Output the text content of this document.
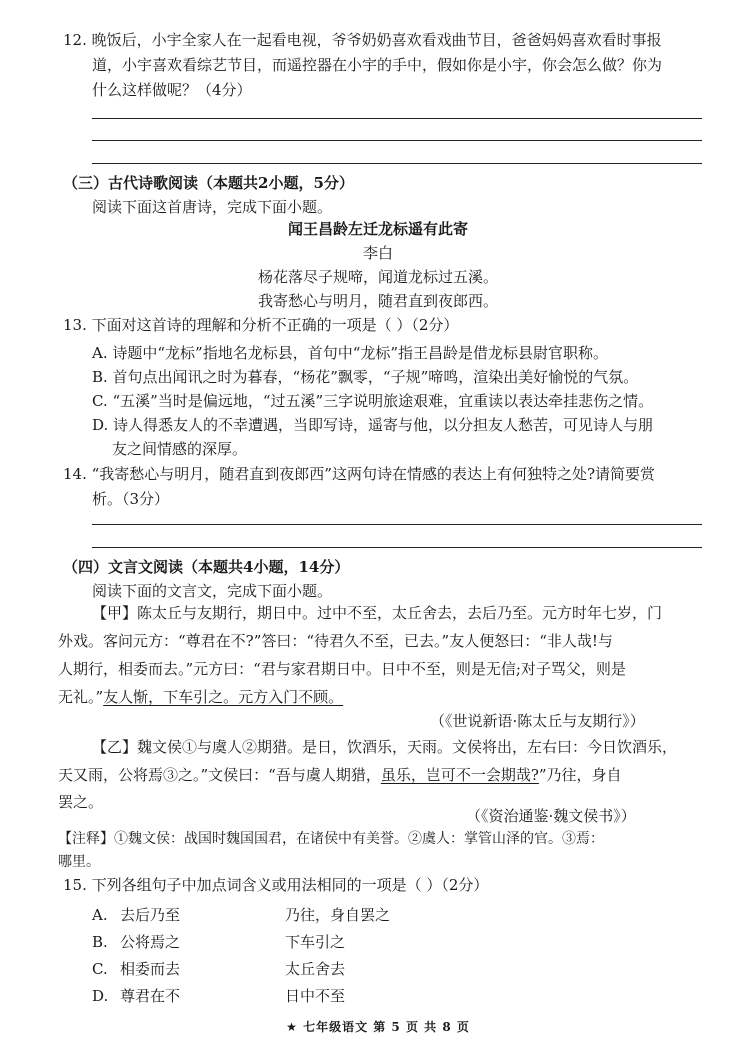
12. 晚饭后，小宇全家人在一起看电视，爷爷奶奶喜欢看戏曲节目，爸爸妈妈喜欢看时事报
道，小宇喜欢看综艺节目，而遥控器在小宇的手中，假如你是小宇，你会怎么做？你为
什么这样做呢？（4分）
（三）古代诗歌阅读（本题共2小题，5分）
阅读下面这首唐诗，完成下面小题。
闻王昌龄左迁龙标遥有此寄
李白
杨花落尽子规啼，闻道龙标过五溪。
我寄愁心与明月，随君直到夜郎西。
13. 下面对这首诗的理解和分析不正确的一项是（ ）（2分）
A. 诗题中“龙标”指地名龙标县，首句中“龙标”指王昌龄是借龙标县尉官职称。
B. 首句点出闻讯之时为暮春，“杨花”飘零，“子规”啼鸣，渲染出美好愉悦的气氛。
C. “五溪”当时是偏远地，“过五溪”三字说明旅途艰难，宜重读以表达牵挂悲伤之情。
D. 诗人得悉友人的不幸遭遇，当即写诗，遥寄与他，以分担友人愁苦，可见诗人与朋
友之间情感的深厚。
14. “我寄愁心与明月，随君直到夜郎西”这两句诗在情感的表达上有何独特之处?请简要赏
析。（3分）
（四）文言文阅读（本题共4小题，14分）
阅读下面的文言文，完成下面小题。
【甲】陈太丘与友期行，期日中。过中不至，太丘舍去，去后乃至。元方时年七岁，门
外戏。客问元方：“尊君在不?”答曰：“待君久不至，已去。”友人便怒曰：“非人哉!与
人期行，相委而去。”元方曰：“君与家君期日中。日中不至，则是无信;对子骂父，则是
无礼。”友人惭，下车引之。元方入门不顾。
（《世说新语·陈太丘与友期行》）
【乙】魏文侯①与虞人②期猎。是日，饮酒乐，天雨。文侯将出，左右曰：今日饮酒乐，
天又雨，公将焉③之。”文侯曰：“吾与虞人期猎，虽乐，岂可不一会期哉?”乃往，身自
罢之。
（《资治通鉴·魏文侯书》）
【注释】①魏文侯：战国时魏国国君，在诸侯中有美誉。②虞人：掌管山泽的官。③焉：
哪里。
15. 下列各组句子中加点词含义或用法相同的一项是（ ）（2分）
A. 去后乃至	乃往，身自罢之
B. 公将焉之	下车引之
C. 相委而去	太丘舍去
D. 尊君在不	日中不至
★ 七年级语文 第 5 页 共 8 页
